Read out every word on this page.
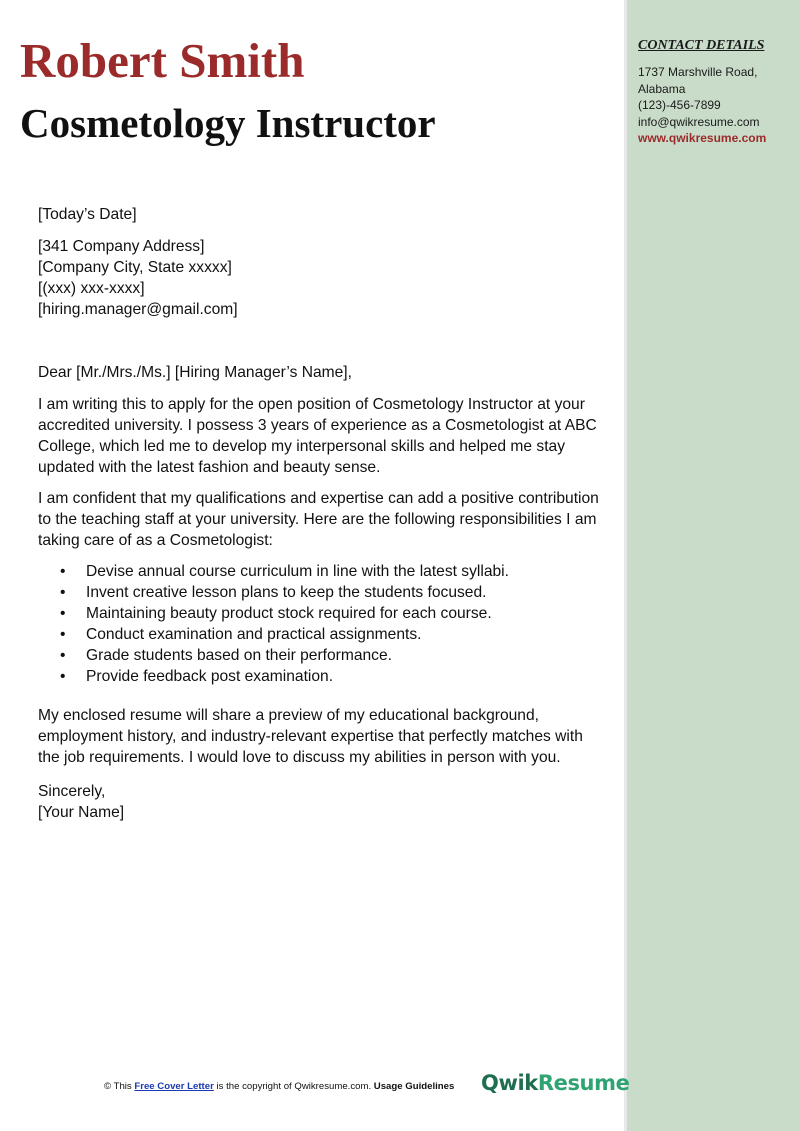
CONTACT DETAILS
1737 Marshville Road,
Alabama
(123)-456-7899
info@qwikresume.com
www.qwikresume.com
Robert Smith
Cosmetology Instructor

[Today’s Date]

[341 Company Address]

[Company City, State xxxxx]

[(xxx) xxx-xxxx]

[hiring.manager@gmail.com]

Dear [Mr./Mrs./Ms.] [Hiring Manager’s Name],

I am writing this to apply for the open position of Cosmetology Instructor at your accredited university. I possess 3 years of experience as a Cosmetologist at ABC College, which led me to develop my interpersonal skills and helped me stay updated with the latest fashion and beauty sense.

I am confident that my qualifications and expertise can add a positive contribution to the teaching staff at your university. Here are the following responsibilities I am taking care of as a Cosmetologist:

• Devise annual course curriculum in line with the latest syllabi.
• Invent creative lesson plans to keep the students focused.
• Maintaining beauty product stock required for each course.
• Conduct examination and practical assignments.
• Grade students based on their performance.
• Provide feedback post examination.

My enclosed resume will share a preview of my educational background, employment history, and industry-relevant expertise that perfectly matches with the job requirements. I would love to discuss my abilities in person with you.

Sincerely,

[Your Name]

© This Free Cover Letter is the copyright of Qwikresume.com. Usage Guidelines QwikResume
